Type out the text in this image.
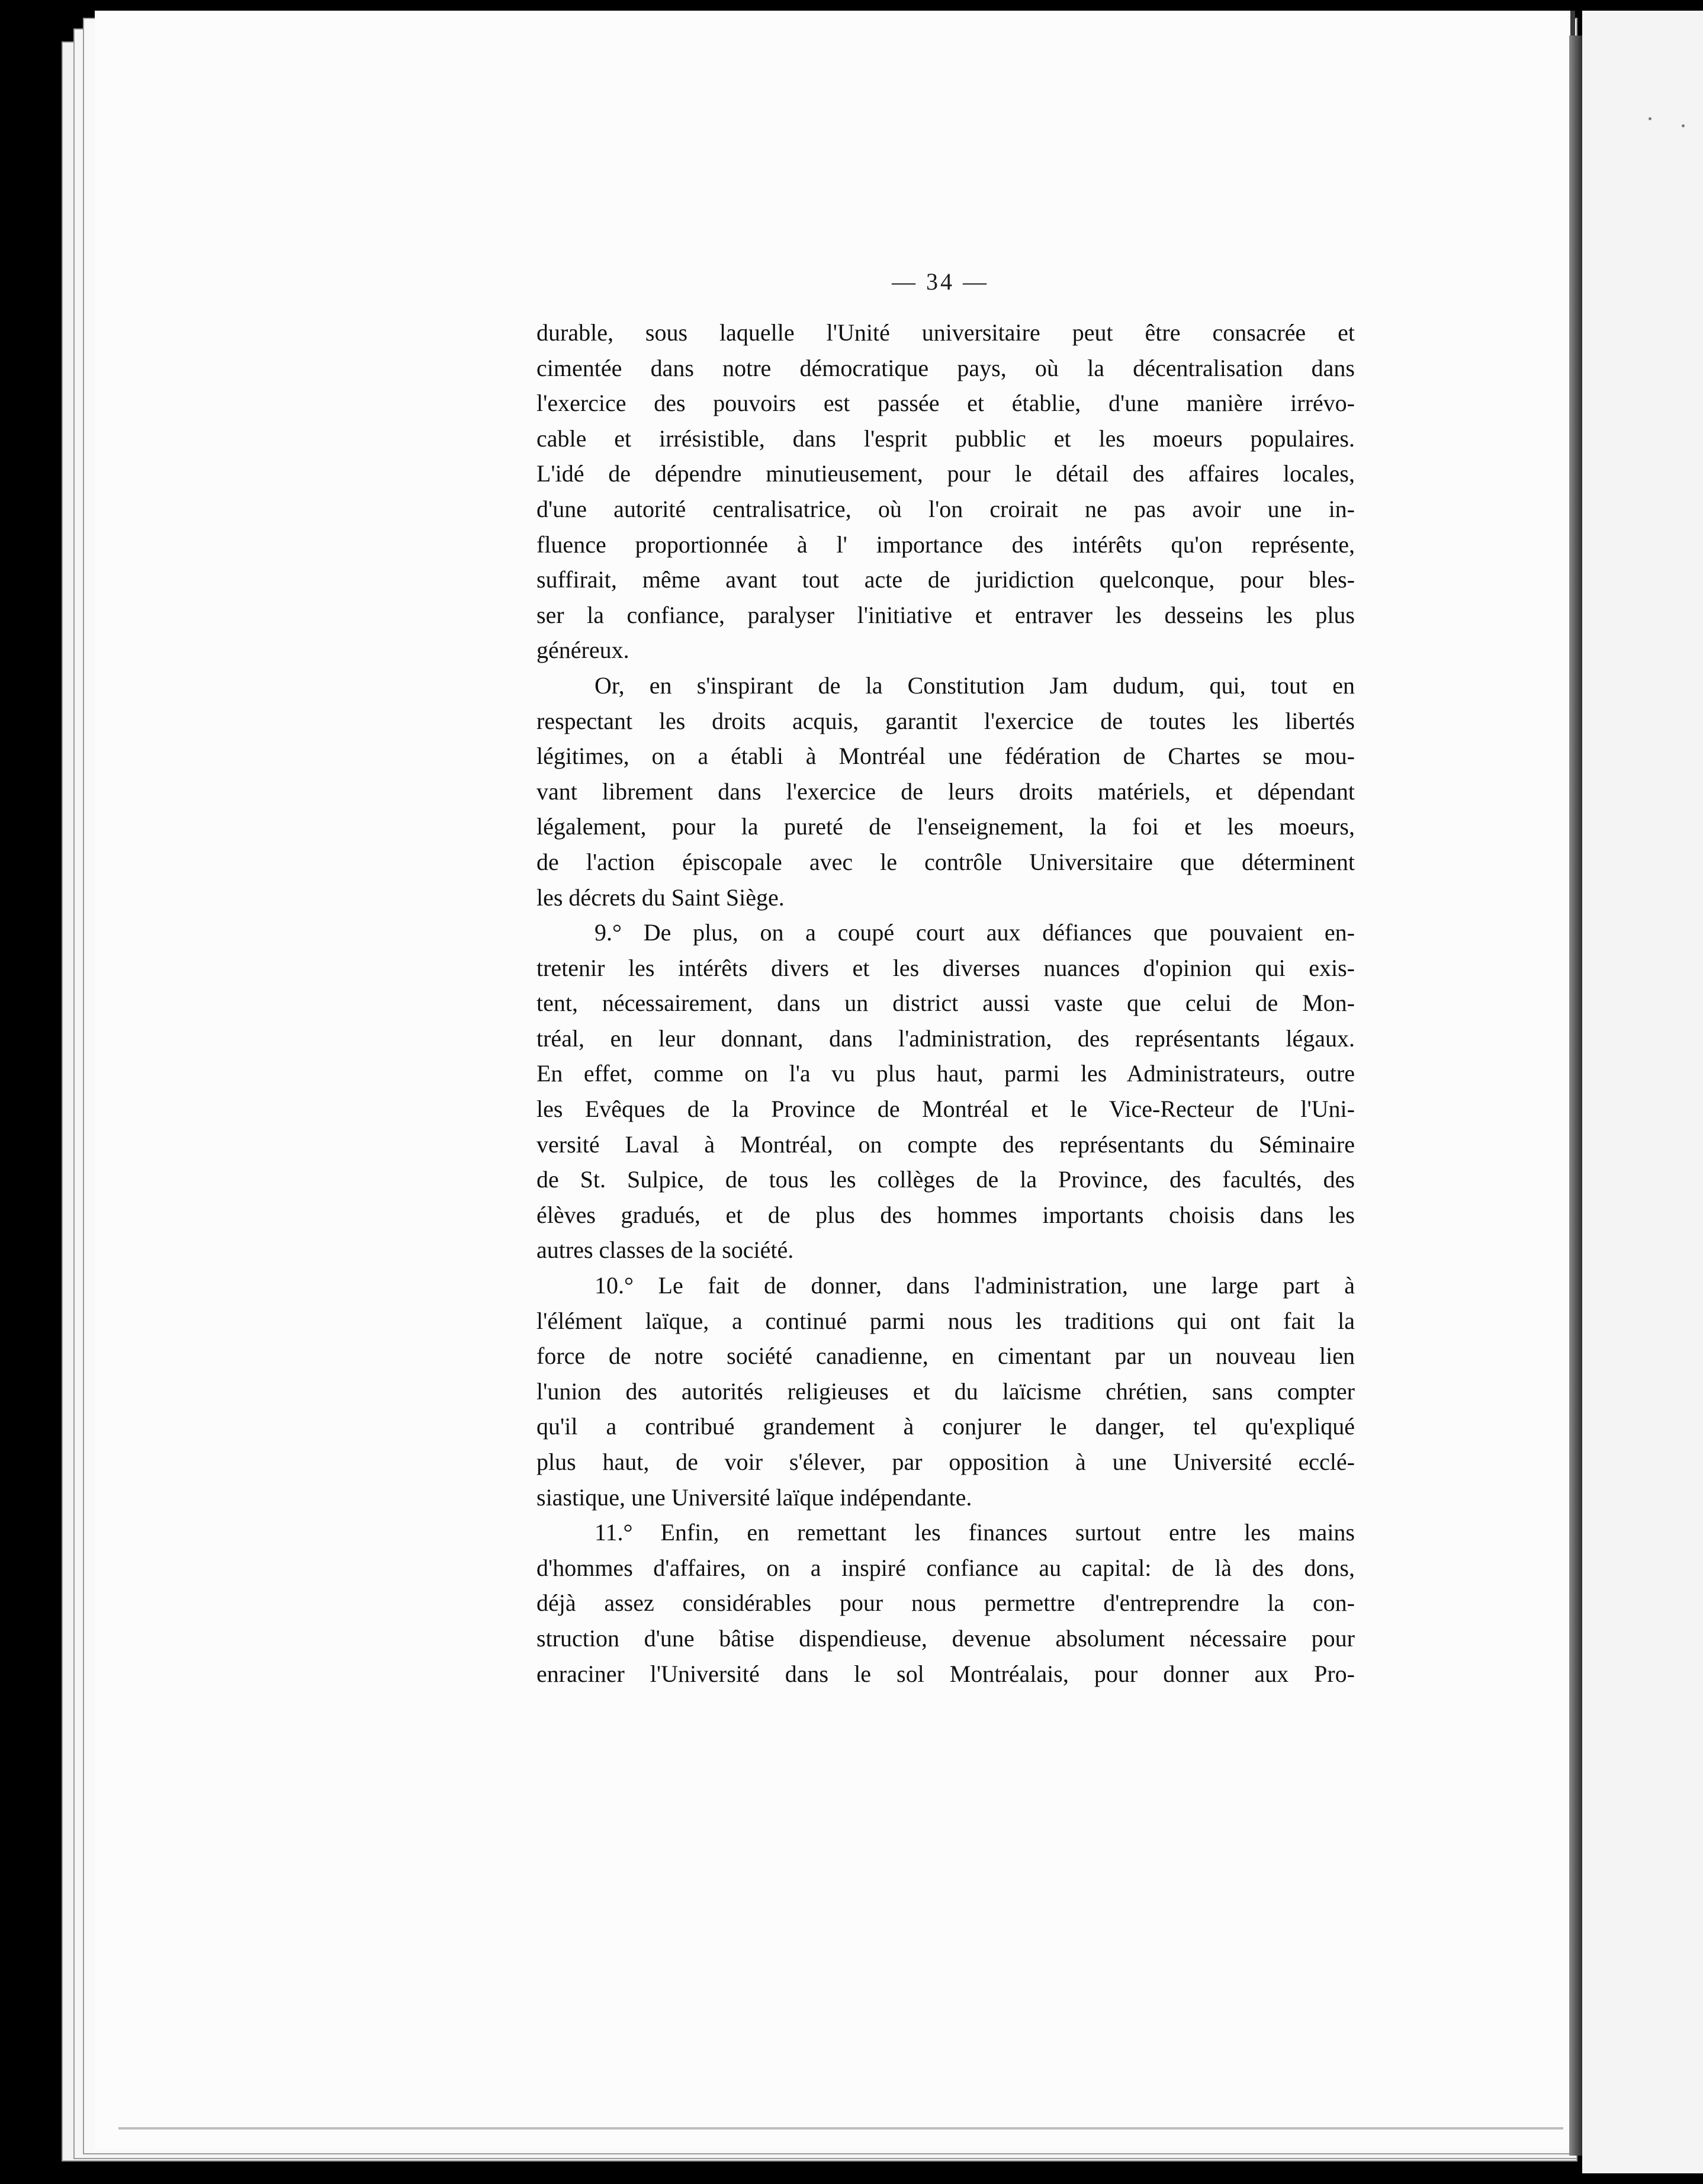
— 34 —
durable, sous laquelle l'Unité universitaire peut être consacrée et
cimentée dans notre démocratique pays, où la décentralisation dans
l'exercice des pouvoirs est passée et établie, d'une manière irrévo-
cable et irrésistible, dans l'esprit pubblic et les moeurs populaires.
L'idé de dépendre minutieusement, pour le détail des affaires locales,
d'une autorité centralisatrice, où l'on croirait ne pas avoir une in-
fluence proportionnée à l' importance des intérêts qu'on représente,
suffirait, même avant tout acte de juridiction quelconque, pour bles-
ser la confiance, paralyser l'initiative et entraver les desseins les plus
généreux.
Or, en s'inspirant de la Constitution Jam dudum, qui, tout en
respectant les droits acquis, garantit l'exercice de toutes les libertés
légitimes, on a établi à Montréal une fédération de Chartes se mou-
vant librement dans l'exercice de leurs droits matériels, et dépendant
légalement, pour la pureté de l'enseignement, la foi et les moeurs,
de l'action épiscopale avec le contrôle Universitaire que déterminent
les décrets du Saint Siège.
9.° De plus, on a coupé court aux défiances que pouvaient en-
tretenir les intérêts divers et les diverses nuances d'opinion qui exis-
tent, nécessairement, dans un district aussi vaste que celui de Mon-
tréal, en leur donnant, dans l'administration, des représentants légaux.
En effet, comme on l'a vu plus haut, parmi les Administrateurs, outre
les Evêques de la Province de Montréal et le Vice-Recteur de l'Uni-
versité Laval à Montréal, on compte des représentants du Séminaire
de St. Sulpice, de tous les collèges de la Province, des facultés, des
élèves gradués, et de plus des hommes importants choisis dans les
autres classes de la société.
10.° Le fait de donner, dans l'administration, une large part à
l'élément laïque, a continué parmi nous les traditions qui ont fait la
force de notre société canadienne, en cimentant par un nouveau lien
l'union des autorités religieuses et du laïcisme chrétien, sans compter
qu'il a contribué grandement à conjurer le danger, tel qu'expliqué
plus haut, de voir s'élever, par opposition à une Université ecclé-
siastique, une Université laïque indépendante.
11.° Enfin, en remettant les finances surtout entre les mains
d'hommes d'affaires, on a inspiré confiance au capital: de là des dons,
déjà assez considérables pour nous permettre d'entreprendre la con-
struction d'une bâtise dispendieuse, devenue absolument nécessaire pour
enraciner l'Université dans le sol Montréalais, pour donner aux Pro-
